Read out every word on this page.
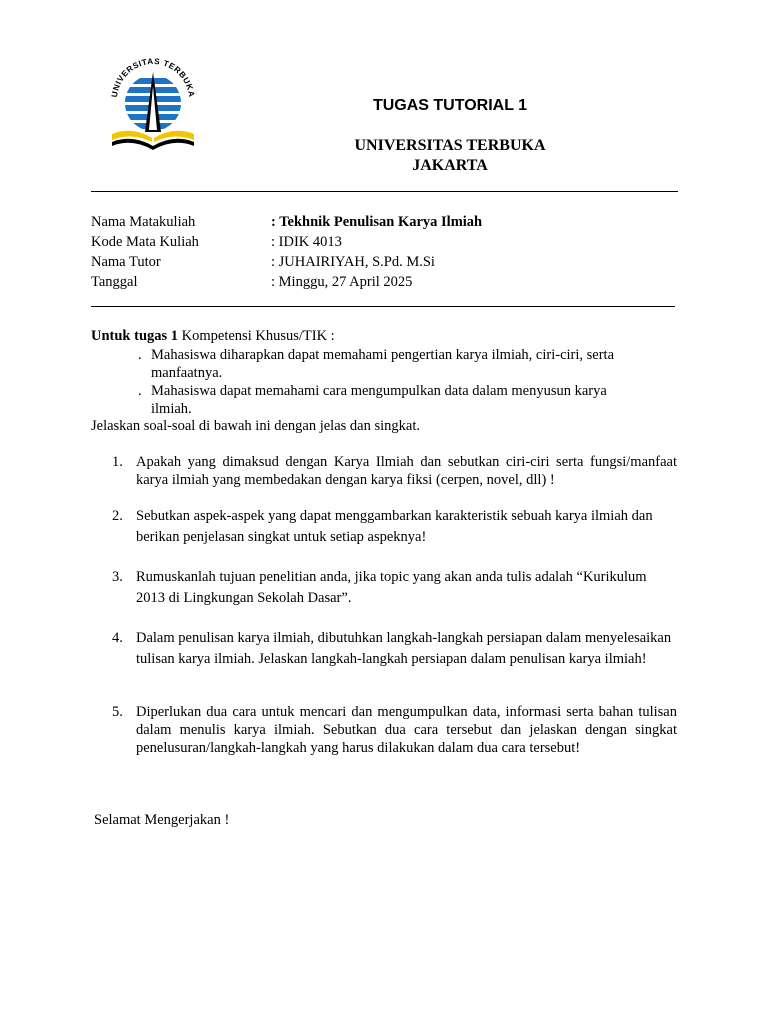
UNIVERSITAS TERBUKA
TUGAS TUTORIAL 1
UNIVERSITAS TERBUKA
JAKARTA
Nama Matakuliah	: Tekhnik Penulisan Karya Ilmiah
Kode Mata Kuliah	: IDIK 4013
Nama Tutor	: JUHAIRIYAH, S.Pd. M.Si
Tanggal	: Minggu, 27 April 2025
Untuk tugas 1 Kompetensi Khusus/TIK :
. Mahasiswa diharapkan dapat memahami pengertian karya ilmiah, ciri-ciri, serta manfaatnya.
. Mahasiswa dapat memahami cara mengumpulkan data dalam menyusun karya ilmiah.
Jelaskan soal-soal di bawah ini dengan jelas dan singkat.
1. Apakah yang dimaksud dengan Karya Ilmiah dan sebutkan ciri-ciri serta fungsi/manfaat karya ilmiah yang membedakan dengan karya fiksi (cerpen, novel, dll) !
2. Sebutkan aspek-aspek yang dapat menggambarkan karakteristik sebuah karya ilmiah dan berikan penjelasan singkat untuk setiap aspeknya!
3. Rumuskanlah tujuan penelitian anda, jika topic yang akan anda tulis adalah “Kurikulum 2013 di Lingkungan Sekolah Dasar”.
4. Dalam penulisan karya ilmiah, dibutuhkan langkah-langkah persiapan dalam menyelesaikan tulisan karya ilmiah. Jelaskan langkah-langkah persiapan dalam penulisan karya ilmiah!
5. Diperlukan dua cara untuk mencari dan mengumpulkan data, informasi serta bahan tulisan dalam menulis karya ilmiah. Sebutkan dua cara tersebut dan jelaskan dengan singkat penelusuran/langkah-langkah yang harus dilakukan dalam dua cara tersebut!
Selamat Mengerjakan !
